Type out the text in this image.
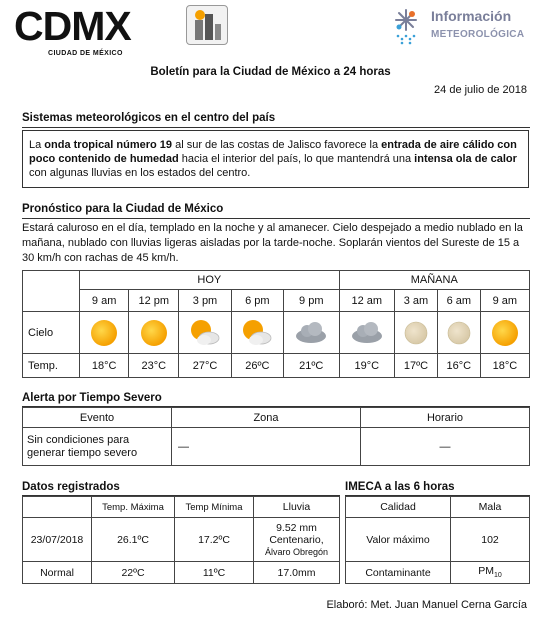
CDMX
CIUDAD DE MÉXICO
Información
METEOROLÓGICA
Boletín para la Ciudad de México a 24 horas
24 de julio de 2018
Sistemas meteorológicos en el centro del país
La onda tropical número 19 al sur de las costas de Jalisco favorece la entrada de aire cálido con poco contenido de humedad hacia el interior del país, lo que mantendrá una intensa ola de calor con algunas lluvias en los estados del centro.
Pronóstico para la Ciudad de México
Estará caluroso en el día, templado en la noche y al amanecer. Cielo despejado a medio nublado en la mañana, nublado con lluvias ligeras aisladas por la tarde-noche. Soplarán vientos del Sureste de 15 a 30 km/h con rachas de 45 km/h.
	HOY					MAÑANA			
	9 am	12 pm	3 pm	6 pm	9 pm	12 am	3 am	6 am	9 am
Cielo	

Temp.	18°C	23°C	27°C	26ºC	21ºC	19°C	17ºC	16°C	18°C
Alerta por Tiempo Severo
Evento	Zona	Horario
Sin condiciones para generar tiempo severo	—	—
Datos registrados
	Temp. Máxima	Temp Mínima	Lluvia
23/07/2018	26.1ºC	17.2ºC	9.52 mm
Centenario,
Álvaro Obregón

Normal	22ºC	11ºC	17.0mm
IMECA a las 6 horas
Calidad	Mala
Valor máximo	102
Contaminante	$PM_{10}$
Elaboró: Met. Juan Manuel Cerna García
